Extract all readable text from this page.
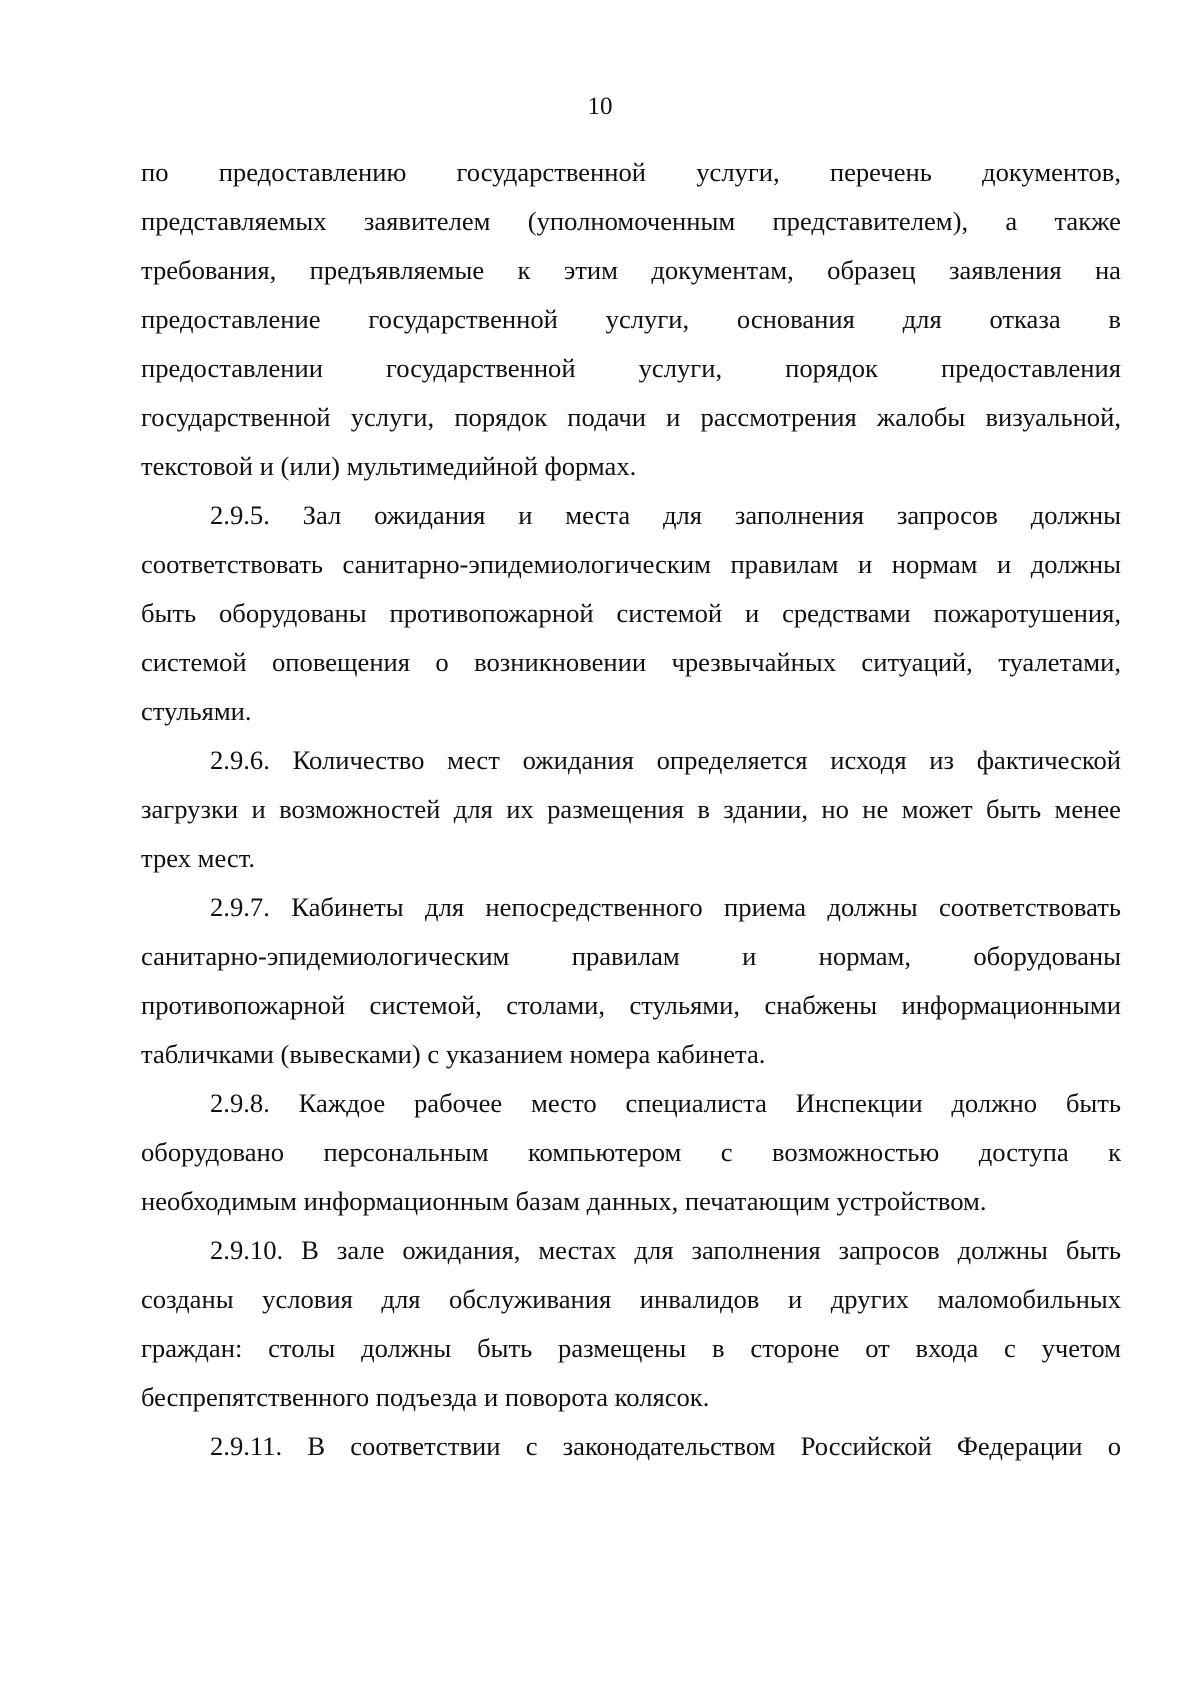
10
по предоставлению государственной услуги, перечень документов,
представляемых заявителем (уполномоченным представителем), а также
требования, предъявляемые к этим документам, образец заявления на
предоставление государственной услуги, основания для отказа в
предоставлении государственной услуги, порядок предоставления
государственной услуги, порядок подачи и рассмотрения жалобы визуальной,
текстовой и (или) мультимедийной формах.
2.9.5. Зал ожидания и места для заполнения запросов должны
соответствовать санитарно-эпидемиологическим правилам и нормам и должны
быть оборудованы противопожарной системой и средствами пожаротушения,
системой оповещения о возникновении чрезвычайных ситуаций, туалетами,
стульями.
2.9.6. Количество мест ожидания определяется исходя из фактической
загрузки и возможностей для их размещения в здании, но не может быть менее
трех мест.
2.9.7. Кабинеты для непосредственного приема должны соответствовать
санитарно-эпидемиологическим правилам и нормам, оборудованы
противопожарной системой, столами, стульями, снабжены информационными
табличками (вывесками) с указанием номера кабинета.
2.9.8. Каждое рабочее место специалиста Инспекции должно быть
оборудовано персональным компьютером с возможностью доступа к
необходимым информационным базам данных, печатающим устройством.
2.9.10. В зале ожидания, местах для заполнения запросов должны быть
созданы условия для обслуживания инвалидов и других маломобильных
граждан: столы должны быть размещены в стороне от входа с учетом
беспрепятственного подъезда и поворота колясок.
2.9.11. В соответствии с законодательством Российской Федерации о
